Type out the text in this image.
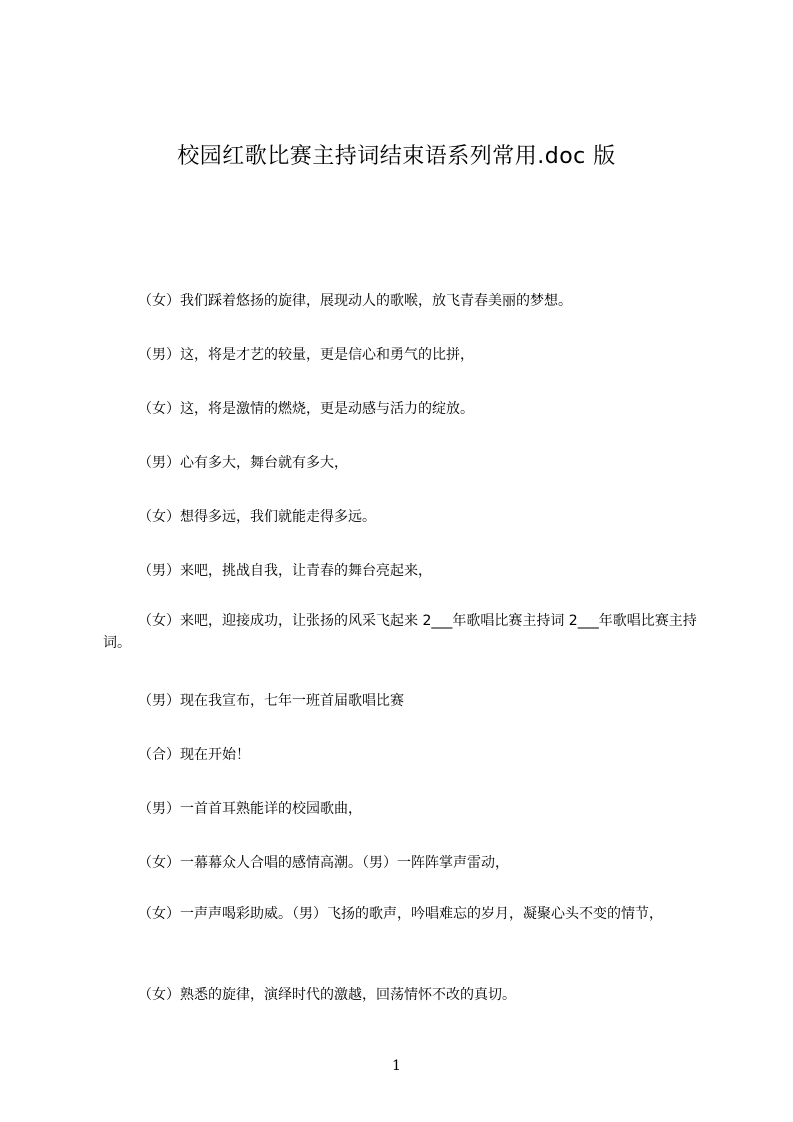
校园红歌比赛主持词结束语系列常用.doc 版

（女）我们踩着悠扬的旋律，展现动人的歌喉，放飞青春美丽的梦想。

（男）这，将是才艺的较量，更是信心和勇气的比拼，

（女）这，将是激情的燃烧，更是动感与活力的绽放。

（男）心有多大，舞台就有多大，

（女）想得多远，我们就能走得多远。

（男）来吧，挑战自我，让青春的舞台亮起来，

（女）来吧，迎接成功，让张扬的风采飞起来 2___年歌唱比赛主持词 2___年歌唱比赛主持词。

（男）现在我宣布，七年一班首届歌唱比赛

（合）现在开始！

（男）一首首耳熟能详的校园歌曲，

（女）一幕幕众人合唱的感情高潮。（男）一阵阵掌声雷动，

（女）一声声喝彩助威。（男）飞扬的歌声，吟唱难忘的岁月，凝聚心头不变的情节，

（女）熟悉的旋律，演绎时代的激越，回荡情怀不改的真切。

1
